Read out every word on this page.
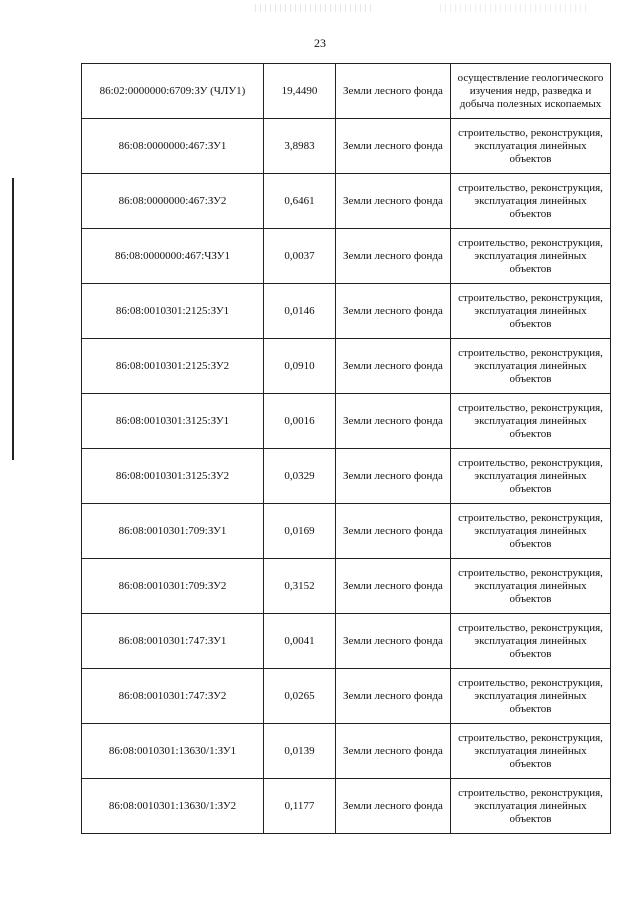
23
86:02:0000000:6709:ЗУ (ЧЛУ1)	19,4490	Земли лесного фонда	осуществление геологического изучения недр, разведка и добыча полезных ископаемых
86:08:0000000:467:ЗУ1	3,8983	Земли лесного фонда	строительство, реконструкция, эксплуатация линейных объектов
86:08:0000000:467:ЗУ2	0,6461	Земли лесного фонда	строительство, реконструкция, эксплуатация линейных объектов
86:08:0000000:467:ЧЗУ1	0,0037	Земли лесного фонда	строительство, реконструкция, эксплуатация линейных объектов
86:08:0010301:2125:ЗУ1	0,0146	Земли лесного фонда	строительство, реконструкция, эксплуатация линейных объектов
86:08:0010301:2125:ЗУ2	0,0910	Земли лесного фонда	строительство, реконструкция, эксплуатация линейных объектов
86:08:0010301:3125:ЗУ1	0,0016	Земли лесного фонда	строительство, реконструкция, эксплуатация линейных объектов
86:08:0010301:3125:ЗУ2	0,0329	Земли лесного фонда	строительство, реконструкция, эксплуатация линейных объектов
86:08:0010301:709:ЗУ1	0,0169	Земли лесного фонда	строительство, реконструкция, эксплуатация линейных объектов
86:08:0010301:709:ЗУ2	0,3152	Земли лесного фонда	строительство, реконструкция, эксплуатация линейных объектов
86:08:0010301:747:ЗУ1	0,0041	Земли лесного фонда	строительство, реконструкция, эксплуатация линейных объектов
86:08:0010301:747:ЗУ2	0,0265	Земли лесного фонда	строительство, реконструкция, эксплуатация линейных объектов
86:08:0010301:13630/1:ЗУ1	0,0139	Земли лесного фонда	строительство, реконструкция, эксплуатация линейных объектов
86:08:0010301:13630/1:ЗУ2	0,1177	Земли лесного фонда	строительство, реконструкция, эксплуатация линейных объектов
